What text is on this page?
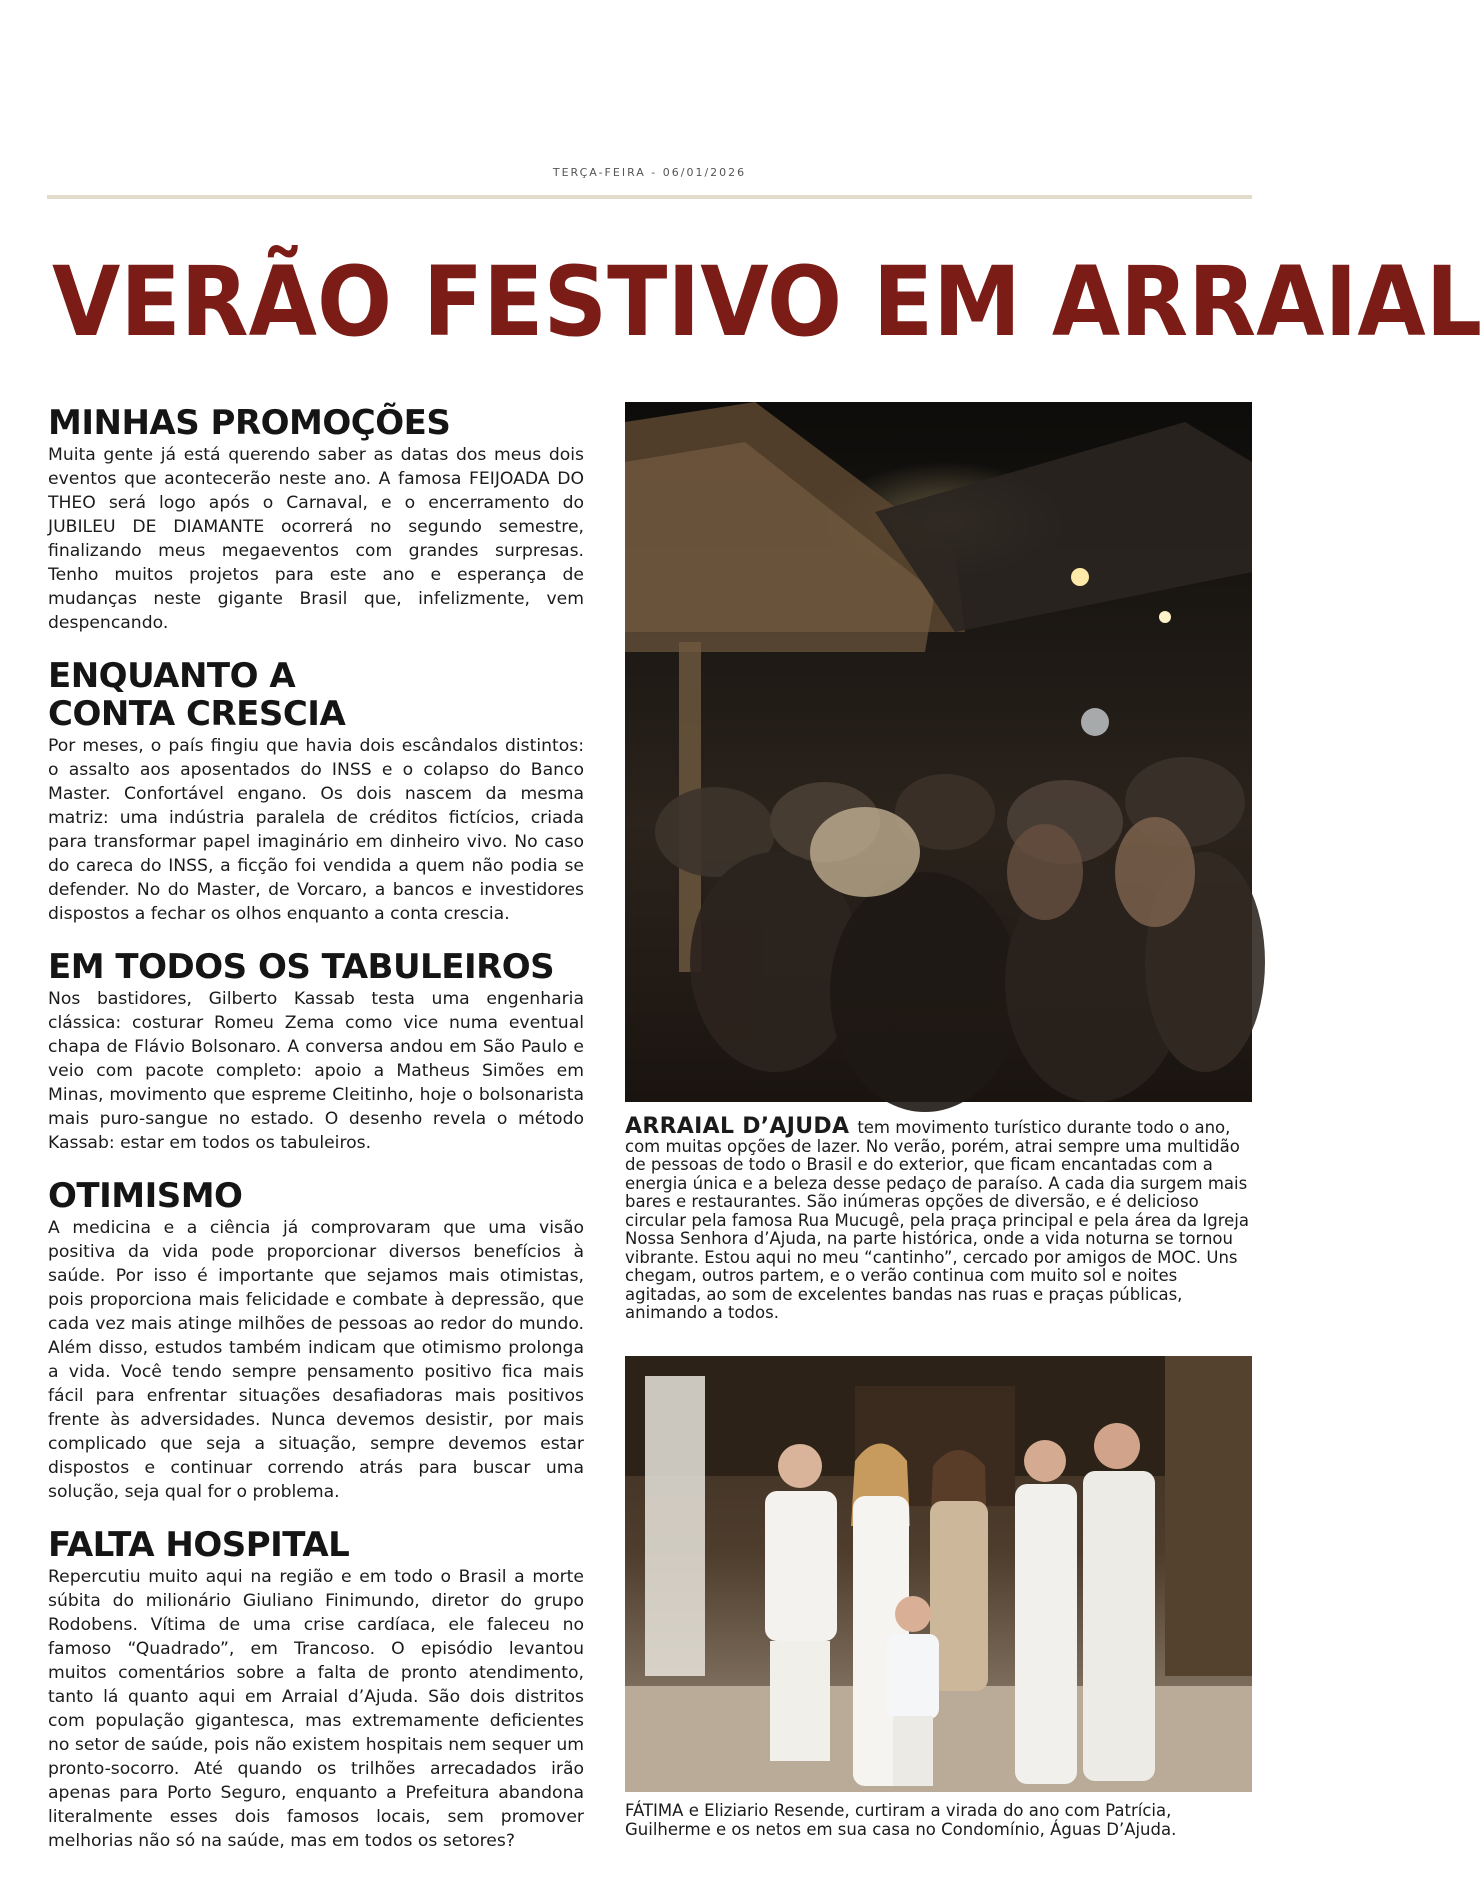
TERÇA-FEIRA - 06/01/2026
VERÃO FESTIVO EM ARRAIAL
MINHAS PROMOÇÕES

Muita gente já está querendo saber as datas dos meus dois eventos que acontecerão neste ano. A famosa FEIJOADA DO THEO será logo após o Carnaval, e o encerramento do JUBILEU DE DIAMANTE ocorrerá no segundo semestre, finalizando meus megaeventos com grandes surpresas. Tenho muitos projetos para este ano e esperança de mudanças neste gigante Brasil que, infelizmente, vem despencando.

ENQUANTO A
CONTA CRESCIA

Por meses, o país fingiu que havia dois escândalos distintos: o assalto aos aposentados do INSS e o colapso do Banco Master. Confortável engano. Os dois nascem da mesma matriz: uma indústria paralela de créditos fictícios, criada para transformar papel imaginário em dinheiro vivo. No caso do careca do INSS, a ficção foi vendida a quem não podia se defender. No do Master, de Vorcaro, a bancos e investidores dispostos a fechar os olhos enquanto a conta crescia.

EM TODOS OS TABULEIROS

Nos bastidores, Gilberto Kassab testa uma engenharia clássica: costurar Romeu Zema como vice numa eventual chapa de Flávio Bolsonaro. A conversa andou em São Paulo e veio com pacote completo: apoio a Matheus Simões em Minas, movimento que espreme Cleitinho, hoje o bolsonarista mais puro-sangue no estado. O desenho revela o método Kassab: estar em todos os tabuleiros.

OTIMISMO

A medicina e a ciência já comprovaram que uma visão positiva da vida pode proporcionar diversos benefícios à saúde. Por isso é importante que sejamos mais otimistas, pois proporciona mais felicidade e combate à depressão, que cada vez mais atinge milhões de pessoas ao redor do mundo. Além disso, estudos também indicam que otimismo prolonga a vida. Você tendo sempre pensamento positivo fica mais fácil para enfrentar situações desafiadoras mais positivos frente às adversidades. Nunca devemos desistir, por mais complicado que seja a situação, sempre devemos estar dispostos e continuar correndo atrás para buscar uma solução, seja qual for o problema.

FALTA HOSPITAL

Repercutiu muito aqui na região e em todo o Brasil a morte súbita do milionário Giuliano Finimundo, diretor do grupo Rodobens. Vítima de uma crise cardíaca, ele faleceu no famoso “Quadrado”, em Trancoso. O episódio levantou muitos comentários sobre a falta de pronto atendimento, tanto lá quanto aqui em Arraial d’Ajuda. São dois distritos com população gigantesca, mas extremamente deficientes no setor de saúde, pois não existem hospitais nem sequer um pronto-socorro. Até quando os trilhões arrecadados irão apenas para Porto Seguro, enquanto a Prefeitura abandona literalmente esses dois famosos locais, sem promover melhorias não só na saúde, mas em todos os setores?

ARRAIAL D’AJUDA tem movimento turístico durante todo o ano, com muitas opções de lazer. No verão, porém, atrai sempre uma multidão de pessoas de todo o Brasil e do exterior, que ficam encantadas com a energia única e a beleza desse pedaço de paraíso. A cada dia surgem mais bares e restaurantes. São inúmeras opções de diversão, e é delicioso circular pela famosa Rua Mucugê, pela praça principal e pela área da Igreja Nossa Senhora d’Ajuda, na parte histórica, onde a vida noturna se tornou vibrante. Estou aqui no meu “cantinho”, cercado por amigos de MOC. Uns chegam, outros partem, e o verão continua com muito sol e noites agitadas, ao som de excelentes bandas nas ruas e praças públicas, animando a todos.
FÁTIMA e Eliziario Resende, curtiram a virada do ano com Patrícia, Guilherme e os netos em sua casa no Condomínio, Águas D’Ajuda.
